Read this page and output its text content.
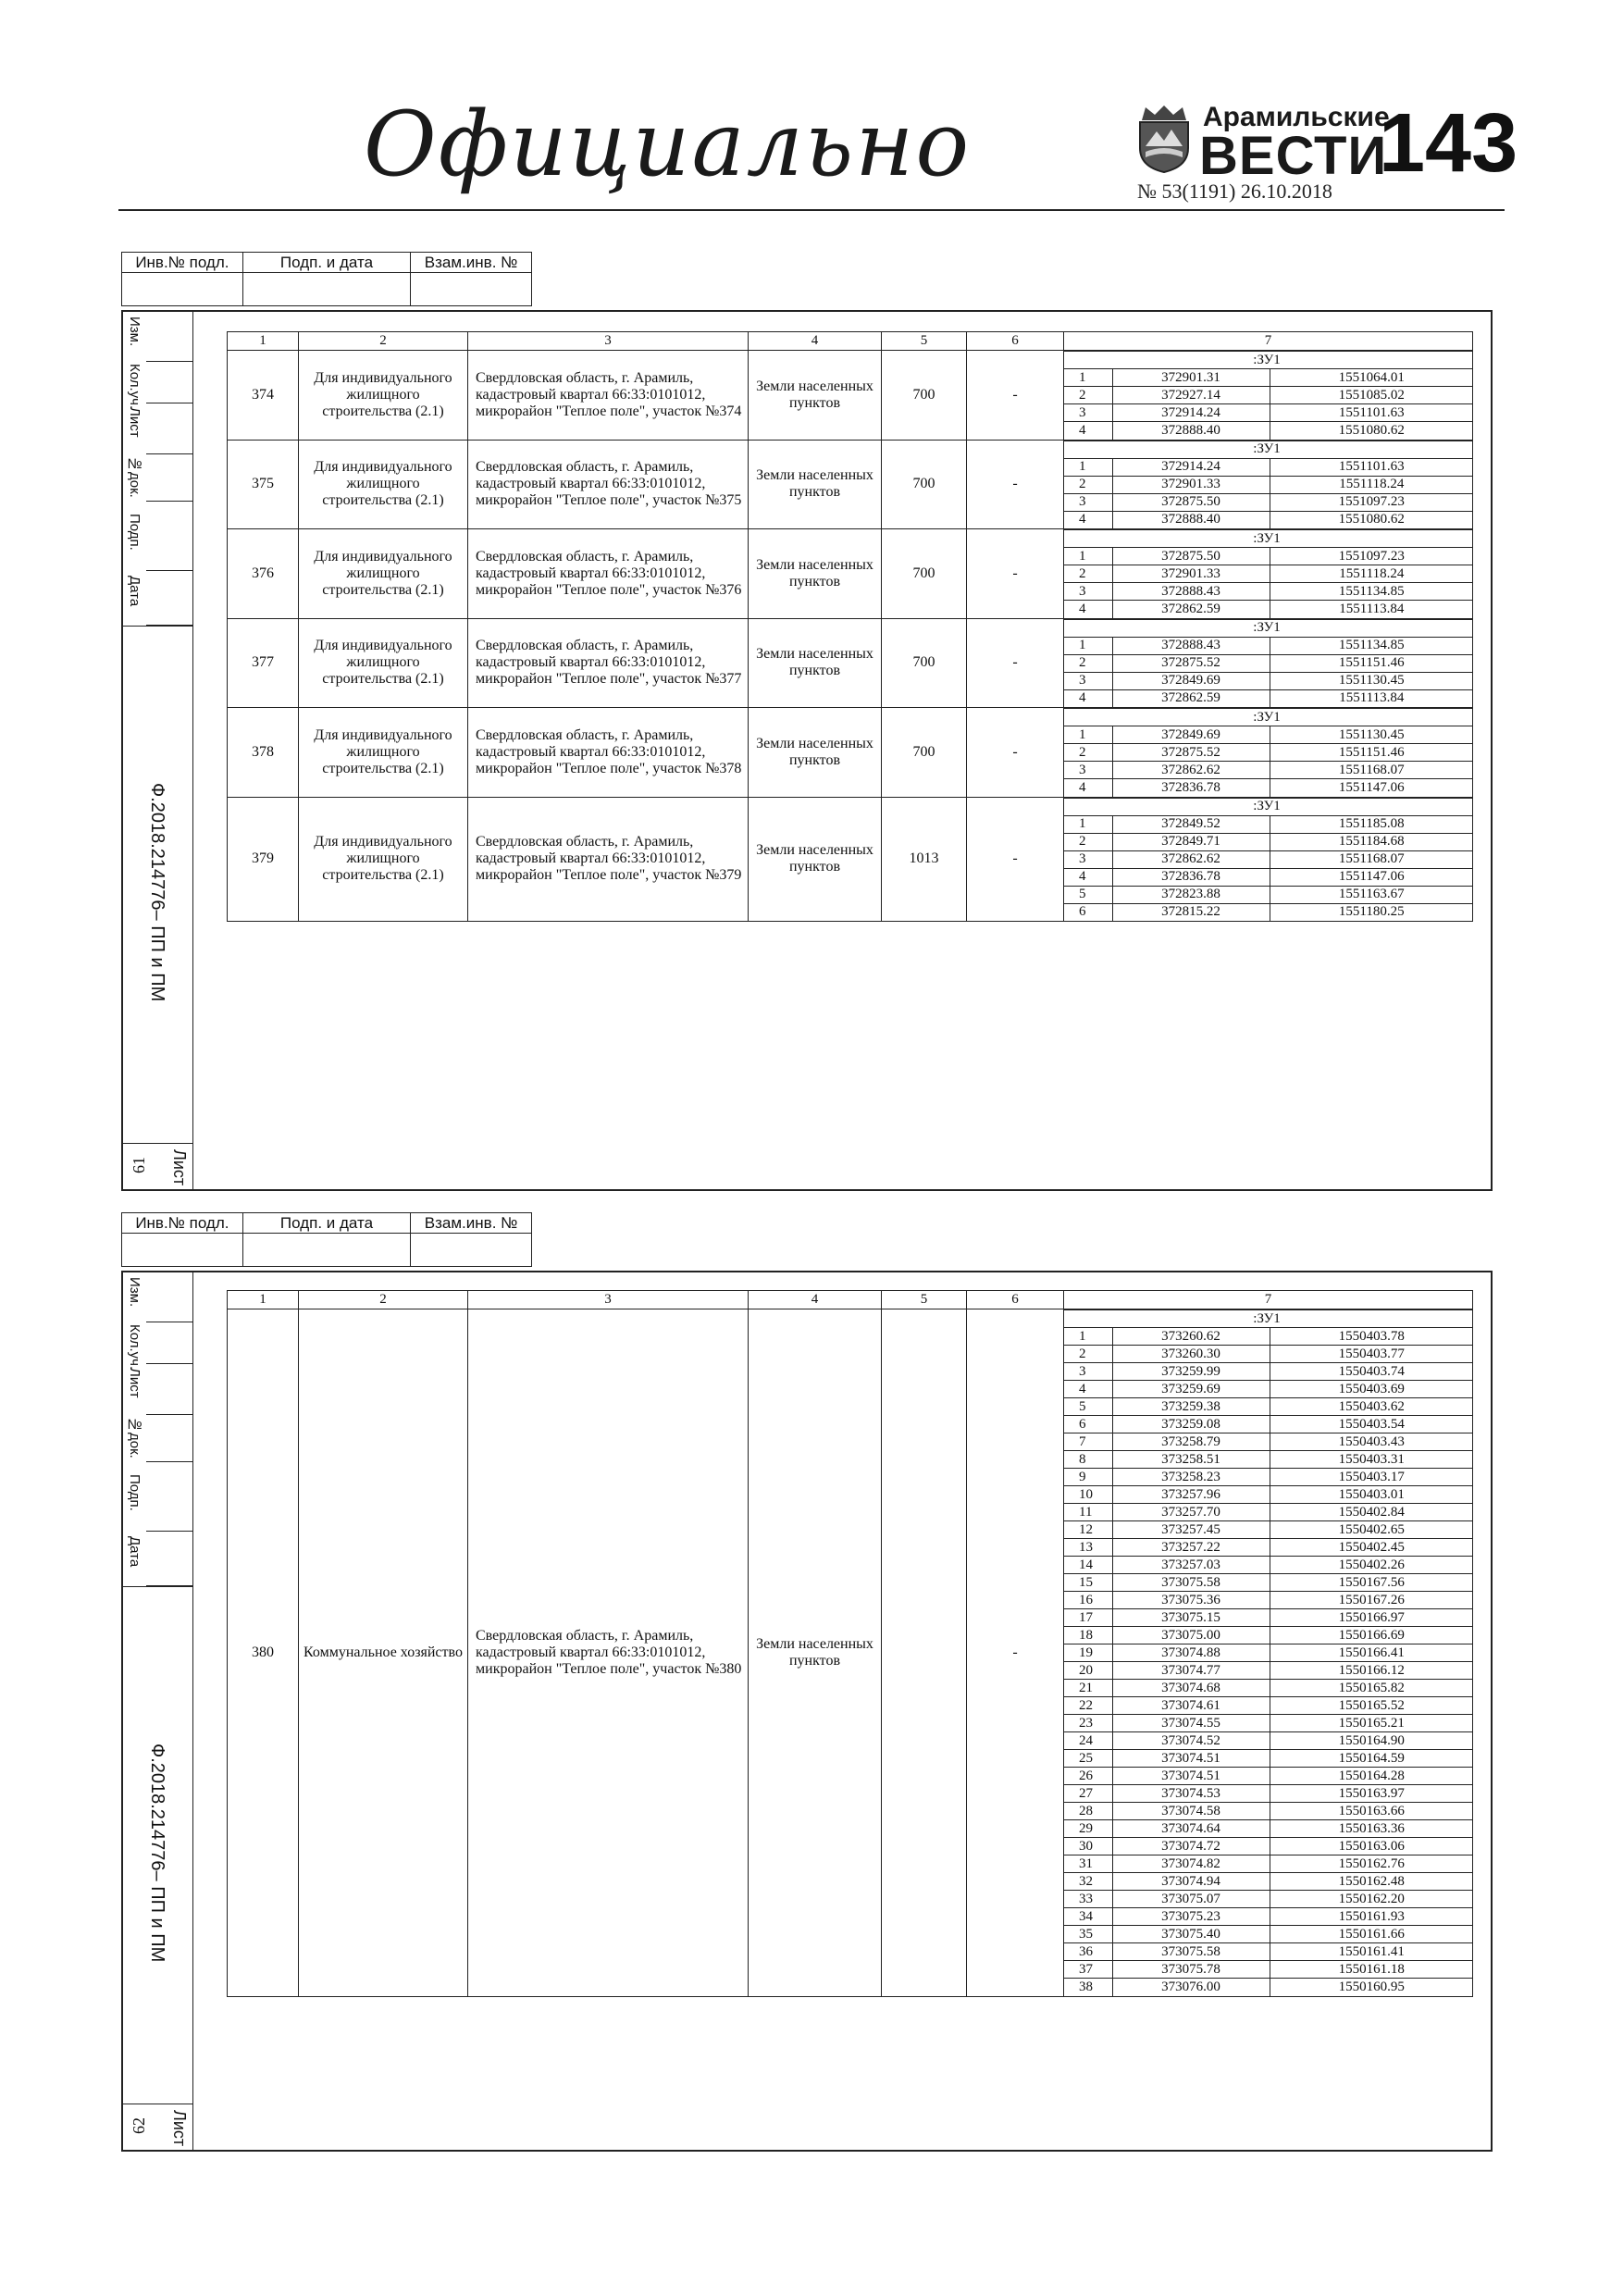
Официально	Арамильские
ВЕСТИ
143
№ 53(1191) 26.10.2018
Инв.№ подл.	Подп. и дата	Взам.инв. №

Изм.
Кол.уч.
Лист
№док.
Подп.
Дата
Ф.2018.214776– ПП и ПМ
Лист
61
1	2	3	4	5	6	7
374	Для индивидуального жилищного строительства (2.1)	Свердловская область, г. Арамиль, кадастровый квартал 66:33:0101012, микрорайон "Теплое поле", участок №374	Земли населенных пунктов	700	-	
:ЗУ1
1	372901.31	1551064.01
2	372927.14	1551085.02
3	372914.24	1551101.63
4	372888.40	1551080.62

375	Для индивидуального жилищного строительства (2.1)	Свердловская область, г. Арамиль, кадастровый квартал 66:33:0101012, микрорайон "Теплое поле", участок №375	Земли населенных пунктов	700	-	
:ЗУ1
1	372914.24	1551101.63
2	372901.33	1551118.24
3	372875.50	1551097.23
4	372888.40	1551080.62

376	Для индивидуального жилищного строительства (2.1)	Свердловская область, г. Арамиль, кадастровый квартал 66:33:0101012, микрорайон "Теплое поле", участок №376	Земли населенных пунктов	700	-	
:ЗУ1
1	372875.50	1551097.23
2	372901.33	1551118.24
3	372888.43	1551134.85
4	372862.59	1551113.84

377	Для индивидуального жилищного строительства (2.1)	Свердловская область, г. Арамиль, кадастровый квартал 66:33:0101012, микрорайон "Теплое поле", участок №377	Земли населенных пунктов	700	-	
:ЗУ1
1	372888.43	1551134.85
2	372875.52	1551151.46
3	372849.69	1551130.45
4	372862.59	1551113.84

378	Для индивидуального жилищного строительства (2.1)	Свердловская область, г. Арамиль, кадастровый квартал 66:33:0101012, микрорайон "Теплое поле", участок №378	Земли населенных пунктов	700	-	
:ЗУ1
1	372849.69	1551130.45
2	372875.52	1551151.46
3	372862.62	1551168.07
4	372836.78	1551147.06

379	Для индивидуального жилищного строительства (2.1)	Свердловская область, г. Арамиль, кадастровый квартал 66:33:0101012, микрорайон "Теплое поле", участок №379	Земли населенных пунктов	1013	-	
:ЗУ1
1	372849.52	1551185.08
2	372849.71	1551184.68
3	372862.62	1551168.07
4	372836.78	1551147.06
5	372823.88	1551163.67
6	372815.22	1551180.25
Инв.№ подл.	Подп. и дата	Взам.инв. №

Изм.
Кол.уч.
Лист
№док.
Подп.
Дата
Ф.2018.214776– ПП и ПМ
Лист
62
1	2	3	4	5	6	7
380	Коммунальное хозяйство	Свердловская область, г. Арамиль, кадастровый квартал 66:33:0101012, микрорайон "Теплое поле", участок №380	Земли населенных пунктов		-	
:ЗУ1
1	373260.62	1550403.78
2	373260.30	1550403.77
3	373259.99	1550403.74
4	373259.69	1550403.69
5	373259.38	1550403.62
6	373259.08	1550403.54
7	373258.79	1550403.43
8	373258.51	1550403.31
9	373258.23	1550403.17
10	373257.96	1550403.01
11	373257.70	1550402.84
12	373257.45	1550402.65
13	373257.22	1550402.45
14	373257.03	1550402.26
15	373075.58	1550167.56
16	373075.36	1550167.26
17	373075.15	1550166.97
18	373075.00	1550166.69
19	373074.88	1550166.41
20	373074.77	1550166.12
21	373074.68	1550165.82
22	373074.61	1550165.52
23	373074.55	1550165.21
24	373074.52	1550164.90
25	373074.51	1550164.59
26	373074.51	1550164.28
27	373074.53	1550163.97
28	373074.58	1550163.66
29	373074.64	1550163.36
30	373074.72	1550163.06
31	373074.82	1550162.76
32	373074.94	1550162.48
33	373075.07	1550162.20
34	373075.23	1550161.93
35	373075.40	1550161.66
36	373075.58	1550161.41
37	373075.78	1550161.18
38	373076.00	1550160.95
